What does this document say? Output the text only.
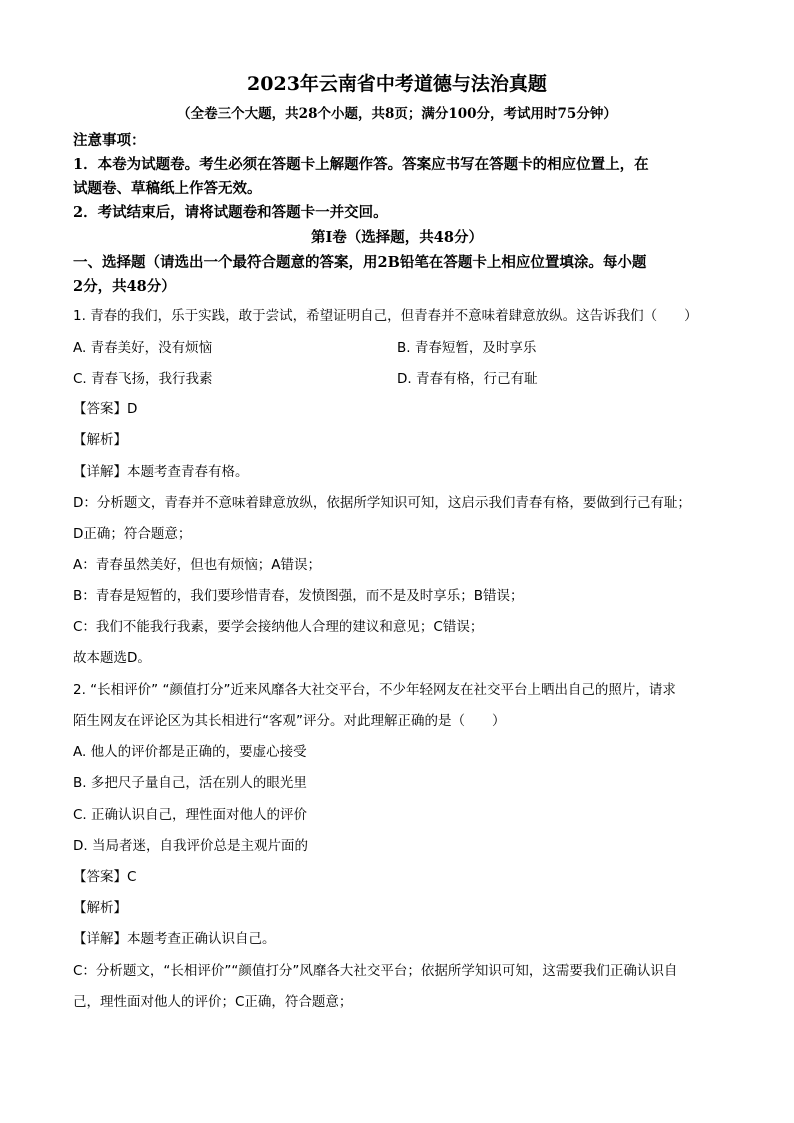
2023年云南省中考道德与法治真题
（全卷三个大题，共28个小题，共8页；满分100分，考试用时75分钟）
注意事项：
1．本卷为试题卷。考生必须在答题卡上解题作答。答案应书写在答题卡的相应位置上，在
试题卷、草稿纸上作答无效。
2．考试结束后，请将试题卷和答题卡一并交回。
第Ⅰ卷（选择题，共48分）
一、选择题（请选出一个最符合题意的答案，用2B铅笔在答题卡上相应位置填涂。每小题
2分，共48分）
1. 青春的我们，乐于实践，敢于尝试，希望证明自己，但青春并不意味着肆意放纵。这告诉我们（　　）
A. 青春美好，没有烦恼	B. 青春短暂，及时享乐
C. 青春飞扬，我行我素	D. 青春有格，行己有耻
【答案】D
【解析】
【详解】本题考查青春有格。
D：分析题文，青春并不意味着肆意放纵，依据所学知识可知，这启示我们青春有格，要做到行己有耻；
D正确；符合题意；
A：青春虽然美好，但也有烦恼；A错误；
B：青春是短暂的，我们要珍惜青春，发愤图强，而不是及时享乐；B错误；
C：我们不能我行我素，要学会接纳他人合理的建议和意见；C错误；
故本题选D。
2. “长相评价” “颜值打分”近来风靡各大社交平台，不少年轻网友在社交平台上晒出自己的照片，请求
陌生网友在评论区为其长相进行“客观”评分。对此理解正确的是（　　）
A. 他人的评价都是正确的，要虚心接受
B. 多把尺子量自己，活在别人的眼光里
C. 正确认识自己，理性面对他人的评价
D. 当局者迷，自我评价总是主观片面的
【答案】C
【解析】
【详解】本题考查正确认识自己。
C：分析题文，“长相评价”“颜值打分”风靡各大社交平台；依据所学知识可知，这需要我们正确认识自
己，理性面对他人的评价；C正确，符合题意；
